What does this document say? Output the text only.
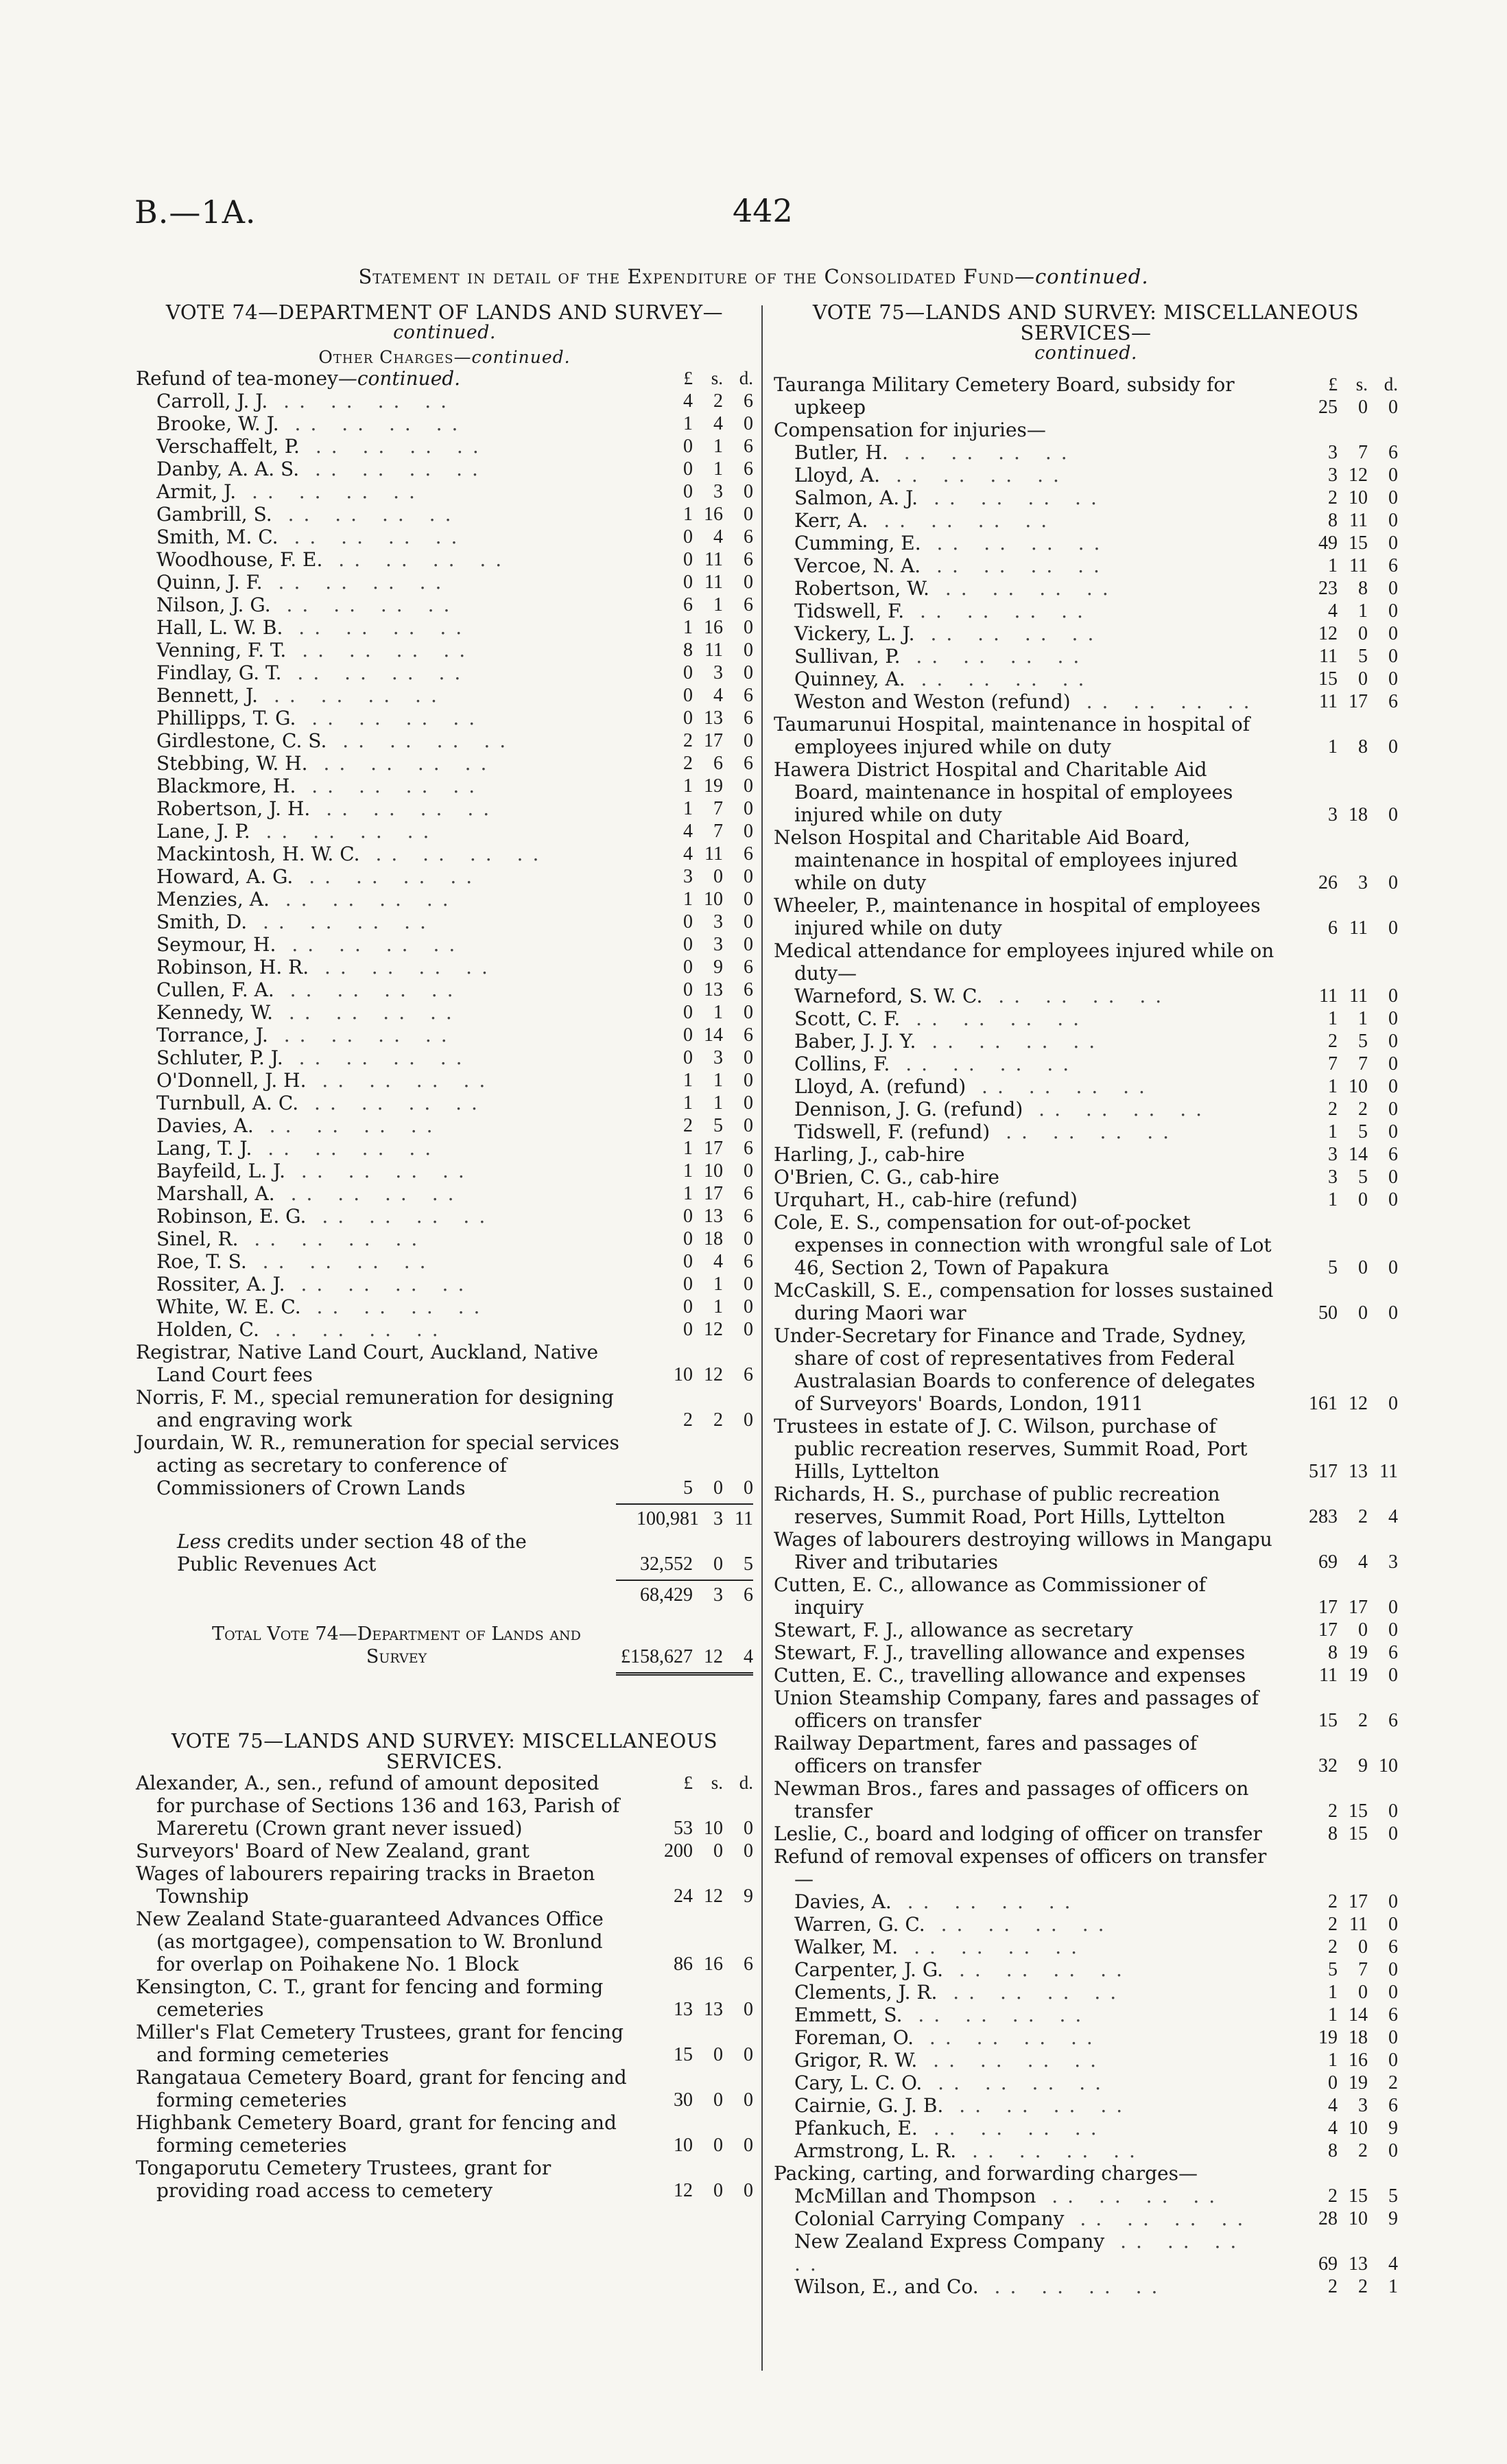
B.—1A.	442
Statement in detail of the Expenditure of the Consolidated Fund—continued.
VOTE 74—DEPARTMENT OF LANDS AND SURVEY—
continued.
Other Charges—continued.
Refund of tea-money—continued.	£ s. d.
Carroll, J. J. .. .. .. ..	4 2 6
Brooke, W. J. .. .. .. ..	1 4 0
Verschaffelt, P. .. .. .. ..	0 1 6
Danby, A. A. S. .. .. .. ..	0 1 6
Armit, J. .. .. .. ..	0 3 0
Gambrill, S. .. .. .. ..	1 16 0
Smith, M. C. .. .. .. ..	0 4 6
Woodhouse, F. E. .. .. .. ..	0 11 6
Quinn, J. F. .. .. .. ..	0 11 0
Nilson, J. G. .. .. .. ..	6 1 6
Hall, L. W. B. .. .. .. ..	1 16 0
Venning, F. T. .. .. .. ..	8 11 0
Findlay, G. T. .. .. .. ..	0 3 0
Bennett, J. .. .. .. ..	0 4 6
Phillipps, T. G. .. .. .. ..	0 13 6
Girdlestone, C. S. .. .. .. ..	2 17 0
Stebbing, W. H. .. .. .. ..	2 6 6
Blackmore, H. .. .. .. ..	1 19 0
Robertson, J. H. .. .. .. ..	1 7 0
Lane, J. P. .. .. .. ..	4 7 0
Mackintosh, H. W. C. .. .. .. ..	4 11 6
Howard, A. G. .. .. .. ..	3 0 0
Menzies, A. .. .. .. ..	1 10 0
Smith, D. .. .. .. ..	0 3 0
Seymour, H. .. .. .. ..	0 3 0
Robinson, H. R. .. .. .. ..	0 9 6
Cullen, F. A. .. .. .. ..	0 13 6
Kennedy, W. .. .. .. ..	0 1 0
Torrance, J. .. .. .. ..	0 14 6
Schluter, P. J. .. .. .. ..	0 3 0
O'Donnell, J. H. .. .. .. ..	1 1 0
Turnbull, A. C. .. .. .. ..	1 1 0
Davies, A. .. .. .. ..	2 5 0
Lang, T. J. .. .. .. ..	1 17 6
Bayfeild, L. J. .. .. .. ..	1 10 0
Marshall, A. .. .. .. ..	1 17 6
Robinson, E. G. .. .. .. ..	0 13 6
Sinel, R. .. .. .. ..	0 18 0
Roe, T. S. .. .. .. ..	0 4 6
Rossiter, A. J. .. .. .. ..	0 1 0
White, W. E. C. .. .. .. ..	0 1 0
Holden, C. .. .. .. ..	0 12 0
Registrar, Native Land Court, Auckland, Native Land Court fees	10 12 6
Norris, F. M., special remuneration for designing and engraving work	2 2 0
Jourdain, W. R., remuneration for special services acting as secretary to conference of Commissioners of Crown Lands	5 0 0

100,981 3 11
Less credits under section 48 of the Public Revenues Act	32,552 0 5

68,429 3 6
Total Vote 74—Department of Lands and Survey	£158,627 12 4
VOTE 75—LANDS AND SURVEY: MISCELLANEOUS SERVICES.

£ s. d.
Alexander, A., sen., refund of amount deposited for purchase of Sections 136 and 163, Parish of Mareretu (Crown grant never issued)	53 10 0
Surveyors' Board of New Zealand, grant	200 0 0
Wages of labourers repairing tracks in Braeton Township	24 12 9
New Zealand State-guaranteed Advances Office (as mortgagee), compensation to W. Bronlund for overlap on Poihakene No. 1 Block	86 16 6
Kensington, C. T., grant for fencing and forming cemeteries	13 13 0
Miller's Flat Cemetery Trustees, grant for fencing and forming cemeteries	15 0 0
Rangataua Cemetery Board, grant for fencing and forming cemeteries	30 0 0
Highbank Cemetery Board, grant for fencing and forming cemeteries	10 0 0
Tongaporutu Cemetery Trustees, grant for providing road access to cemetery	12 0 0
VOTE 75—LANDS AND SURVEY: MISCELLANEOUS SERVICES—
continued.

£ s. d.
Tauranga Military Cemetery Board, subsidy for upkeep	25 0 0
Compensation for injuries—
Butler, H. .. .. .. ..	3 7 6
Lloyd, A. .. .. .. ..	3 12 0
Salmon, A. J. .. .. .. ..	2 10 0
Kerr, A. .. .. .. ..	8 11 0
Cumming, E. .. .. .. ..	49 15 0
Vercoe, N. A. .. .. .. ..	1 11 6
Robertson, W. .. .. .. ..	23 8 0
Tidswell, F. .. .. .. ..	4 1 0
Vickery, L. J. .. .. .. ..	12 0 0
Sullivan, P. .. .. .. ..	11 5 0
Quinney, A. .. .. .. ..	15 0 0
Weston and Weston (refund) .. .. .. ..	11 17 6
Taumarunui Hospital, maintenance in hospital of employees injured while on duty	1 8 0
Hawera District Hospital and Charitable Aid Board, maintenance in hospital of employees injured while on duty	3 18 0
Nelson Hospital and Charitable Aid Board, maintenance in hospital of employees injured while on duty	26 3 0
Wheeler, P., maintenance in hospital of employees injured while on duty	6 11 0
Medical attendance for employees injured while on duty—
Warneford, S. W. C. .. .. .. ..	11 11 0
Scott, C. F. .. .. .. ..	1 1 0
Baber, J. J. Y. .. .. .. ..	2 5 0
Collins, F. .. .. .. ..	7 7 0
Lloyd, A. (refund) .. .. .. ..	1 10 0
Dennison, J. G. (refund) .. .. .. ..	2 2 0
Tidswell, F. (refund) .. .. .. ..	1 5 0
Harling, J., cab-hire	3 14 6
O'Brien, C. G., cab-hire	3 5 0
Urquhart, H., cab-hire (refund)	1 0 0
Cole, E. S., compensation for out-of-pocket expenses in connection with wrongful sale of Lot 46, Section 2, Town of Papakura	5 0 0
McCaskill, S. E., compensation for losses sustained during Maori war	50 0 0
Under-Secretary for Finance and Trade, Sydney, share of cost of representatives from Federal Australasian Boards to conference of delegates of Surveyors' Boards, London, 1911	161 12 0
Trustees in estate of J. C. Wilson, purchase of public recreation reserves, Summit Road, Port Hills, Lyttelton	517 13 11
Richards, H. S., purchase of public recreation reserves, Summit Road, Port Hills, Lyttelton	283 2 4
Wages of labourers destroying willows in Mangapu River and tributaries	69 4 3
Cutten, E. C., allowance as Commissioner of inquiry	17 17 0
Stewart, F. J., allowance as secretary	17 0 0
Stewart, F. J., travelling allowance and expenses	8 19 6
Cutten, E. C., travelling allowance and expenses	11 19 0
Union Steamship Company, fares and passages of officers on transfer	15 2 6
Railway Department, fares and passages of officers on transfer	32 9 10
Newman Bros., fares and passages of officers on transfer	2 15 0
Leslie, C., board and lodging of officer on transfer	8 15 0
Refund of removal expenses of officers on transfer—
Davies, A. .. .. .. ..	2 17 0
Warren, G. C. .. .. .. ..	2 11 0
Walker, M. .. .. .. ..	2 0 6
Carpenter, J. G. .. .. .. ..	5 7 0
Clements, J. R. .. .. .. ..	1 0 0
Emmett, S. .. .. .. ..	1 14 6
Foreman, O. .. .. .. ..	19 18 0
Grigor, R. W. .. .. .. ..	1 16 0
Cary, L. C. O. .. .. .. ..	0 19 2
Cairnie, G. J. B. .. .. .. ..	4 3 6
Pfankuch, E. .. .. .. ..	4 10 9
Armstrong, L. R. .. .. .. ..	8 2 0
Packing, carting, and forwarding charges—
McMillan and Thompson .. .. .. ..	2 15 5
Colonial Carrying Company .. .. .. ..	28 10 9
New Zealand Express Company .. .. .. ..	69 13 4
Wilson, E., and Co. .. .. .. ..	2 2 1
